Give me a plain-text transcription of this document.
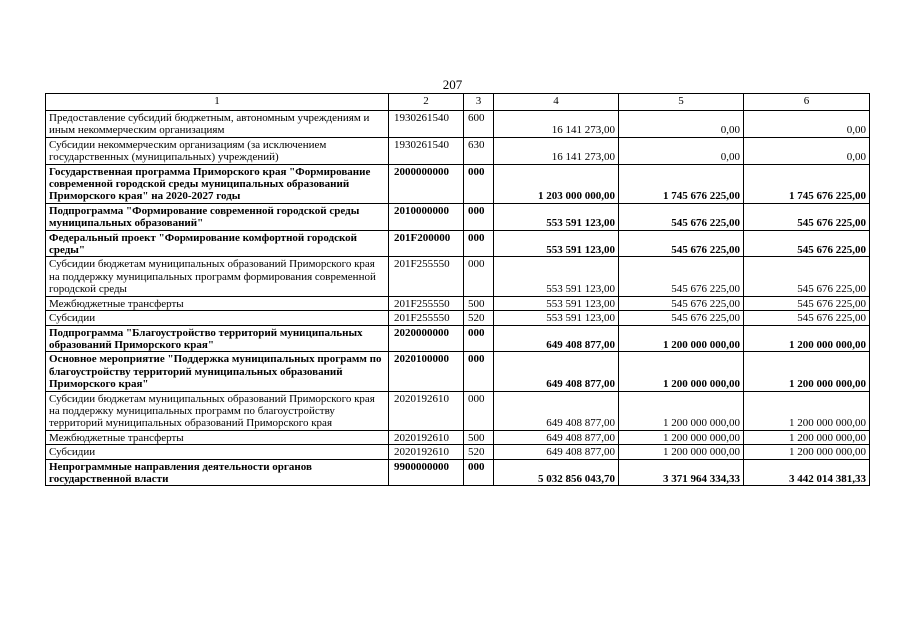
207
1	2	3	4	5	6
Предоставление субсидий бюджетным, автономным учреждениям и иным некоммерческим организациям	1930261540	600	16 141 273,00	0,00	0,00
Субсидии некоммерческим организациям (за исключением государственных (муниципальных) учреждений)	1930261540	630	16 141 273,00	0,00	0,00
Государственная программа Приморского края "Формирование современной городской среды муниципальных образований Приморского края" на 2020-2027 годы	2000000000	000	1 203 000 000,00	1 745 676 225,00	1 745 676 225,00
Подпрограмма "Формирование современной городской среды муниципальных образований"	2010000000	000	553 591 123,00	545 676 225,00	545 676 225,00
Федеральный проект "Формирование комфортной городской среды"	201F200000	000	553 591 123,00	545 676 225,00	545 676 225,00
Субсидии бюджетам муниципальных образований Приморского края на поддержку муниципальных программ формирования современной городской среды	201F255550	000	553 591 123,00	545 676 225,00	545 676 225,00
Межбюджетные трансферты	201F255550	500	553 591 123,00	545 676 225,00	545 676 225,00
Субсидии	201F255550	520	553 591 123,00	545 676 225,00	545 676 225,00
Подпрограмма "Благоустройство территорий муниципальных образований Приморского края"	2020000000	000	649 408 877,00	1 200 000 000,00	1 200 000 000,00
Основное мероприятие "Поддержка муниципальных программ по благоустройству территорий муниципальных образований Приморского края"	2020100000	000	649 408 877,00	1 200 000 000,00	1 200 000 000,00
Субсидии бюджетам муниципальных образований Приморского края на поддержку муниципальных программ по благоустройству территорий муниципальных образований Приморского края	2020192610	000	649 408 877,00	1 200 000 000,00	1 200 000 000,00
Межбюджетные трансферты	2020192610	500	649 408 877,00	1 200 000 000,00	1 200 000 000,00
Субсидии	2020192610	520	649 408 877,00	1 200 000 000,00	1 200 000 000,00
Непрограммные направления деятельности органов государственной власти	9900000000	000	5 032 856 043,70	3 371 964 334,33	3 442 014 381,33
